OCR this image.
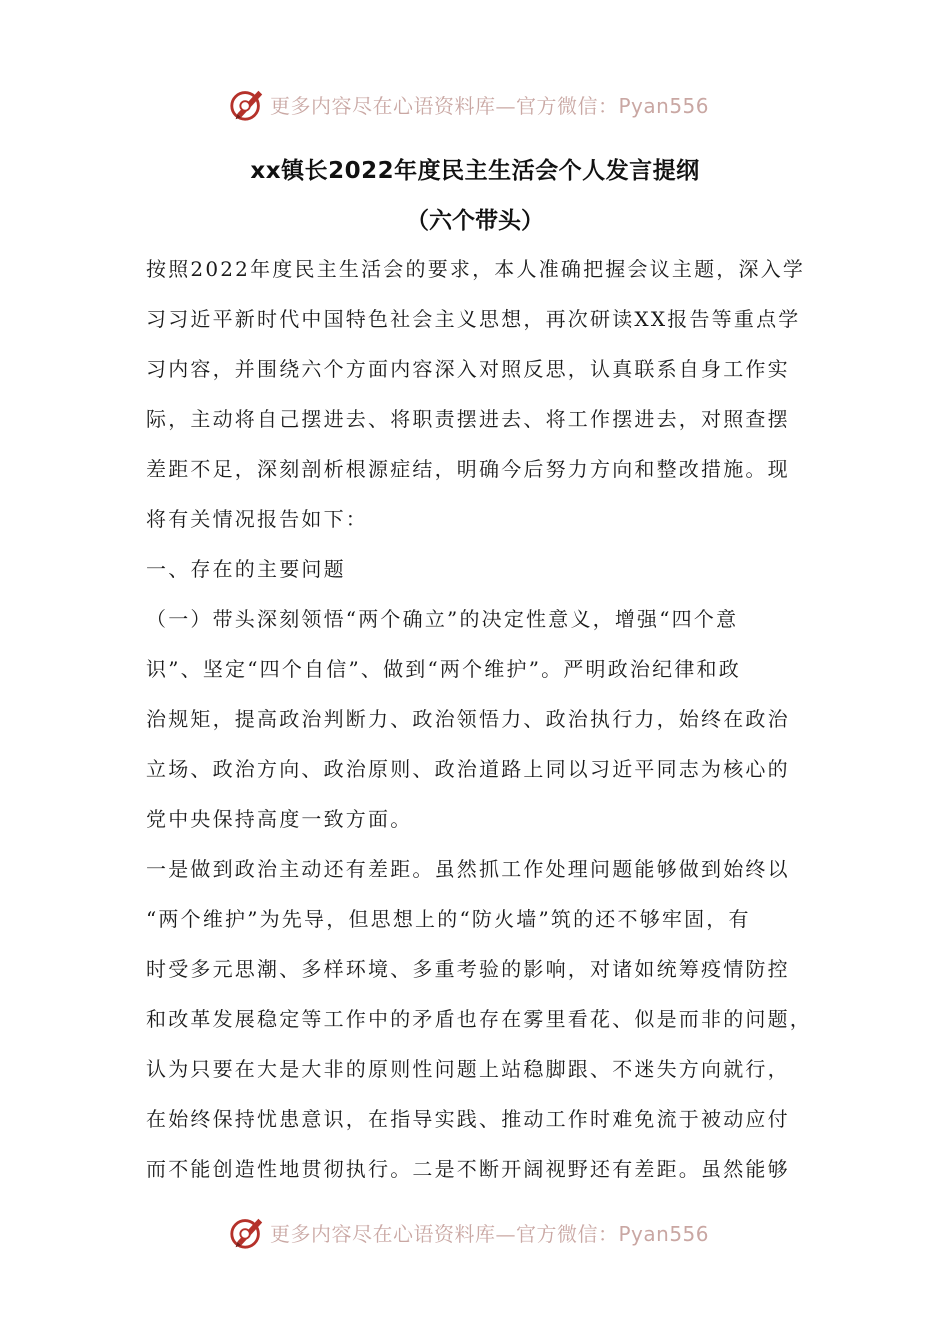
更多内容尽在心语资料库—官方微信：Pyan556
xx镇长2022年度民主生活会个人发言提纲
（六个带头）
按照2022年度民主生活会的要求，本人准确把握会议主题，深入学
习习近平新时代中国特色社会主义思想，再次研读XX报告等重点学
习内容，并围绕六个方面内容深入对照反思，认真联系自身工作实
际，主动将自己摆进去、将职责摆进去、将工作摆进去，对照查摆
差距不足，深刻剖析根源症结，明确今后努力方向和整改措施。现
将有关情况报告如下：
一、存在的主要问题
（一）带头深刻领悟“两个确立”的决定性意义，增强“四个意
识”、坚定“四个自信”、做到“两个维护”。严明政治纪律和政
治规矩，提高政治判断力、政治领悟力、政治执行力，始终在政治
立场、政治方向、政治原则、政治道路上同以习近平同志为核心的
党中央保持高度一致方面。
一是做到政治主动还有差距。虽然抓工作处理问题能够做到始终以
“两个维护”为先导，但思想上的“防火墙”筑的还不够牢固，有
时受多元思潮、多样环境、多重考验的影响，对诸如统筹疫情防控
和改革发展稳定等工作中的矛盾也存在雾里看花、似是而非的问题，
认为只要在大是大非的原则性问题上站稳脚跟、不迷失方向就行，
在始终保持忧患意识，在指导实践、推动工作时难免流于被动应付
而不能创造性地贯彻执行。二是不断开阔视野还有差距。虽然能够
更多内容尽在心语资料库—官方微信：Pyan556
